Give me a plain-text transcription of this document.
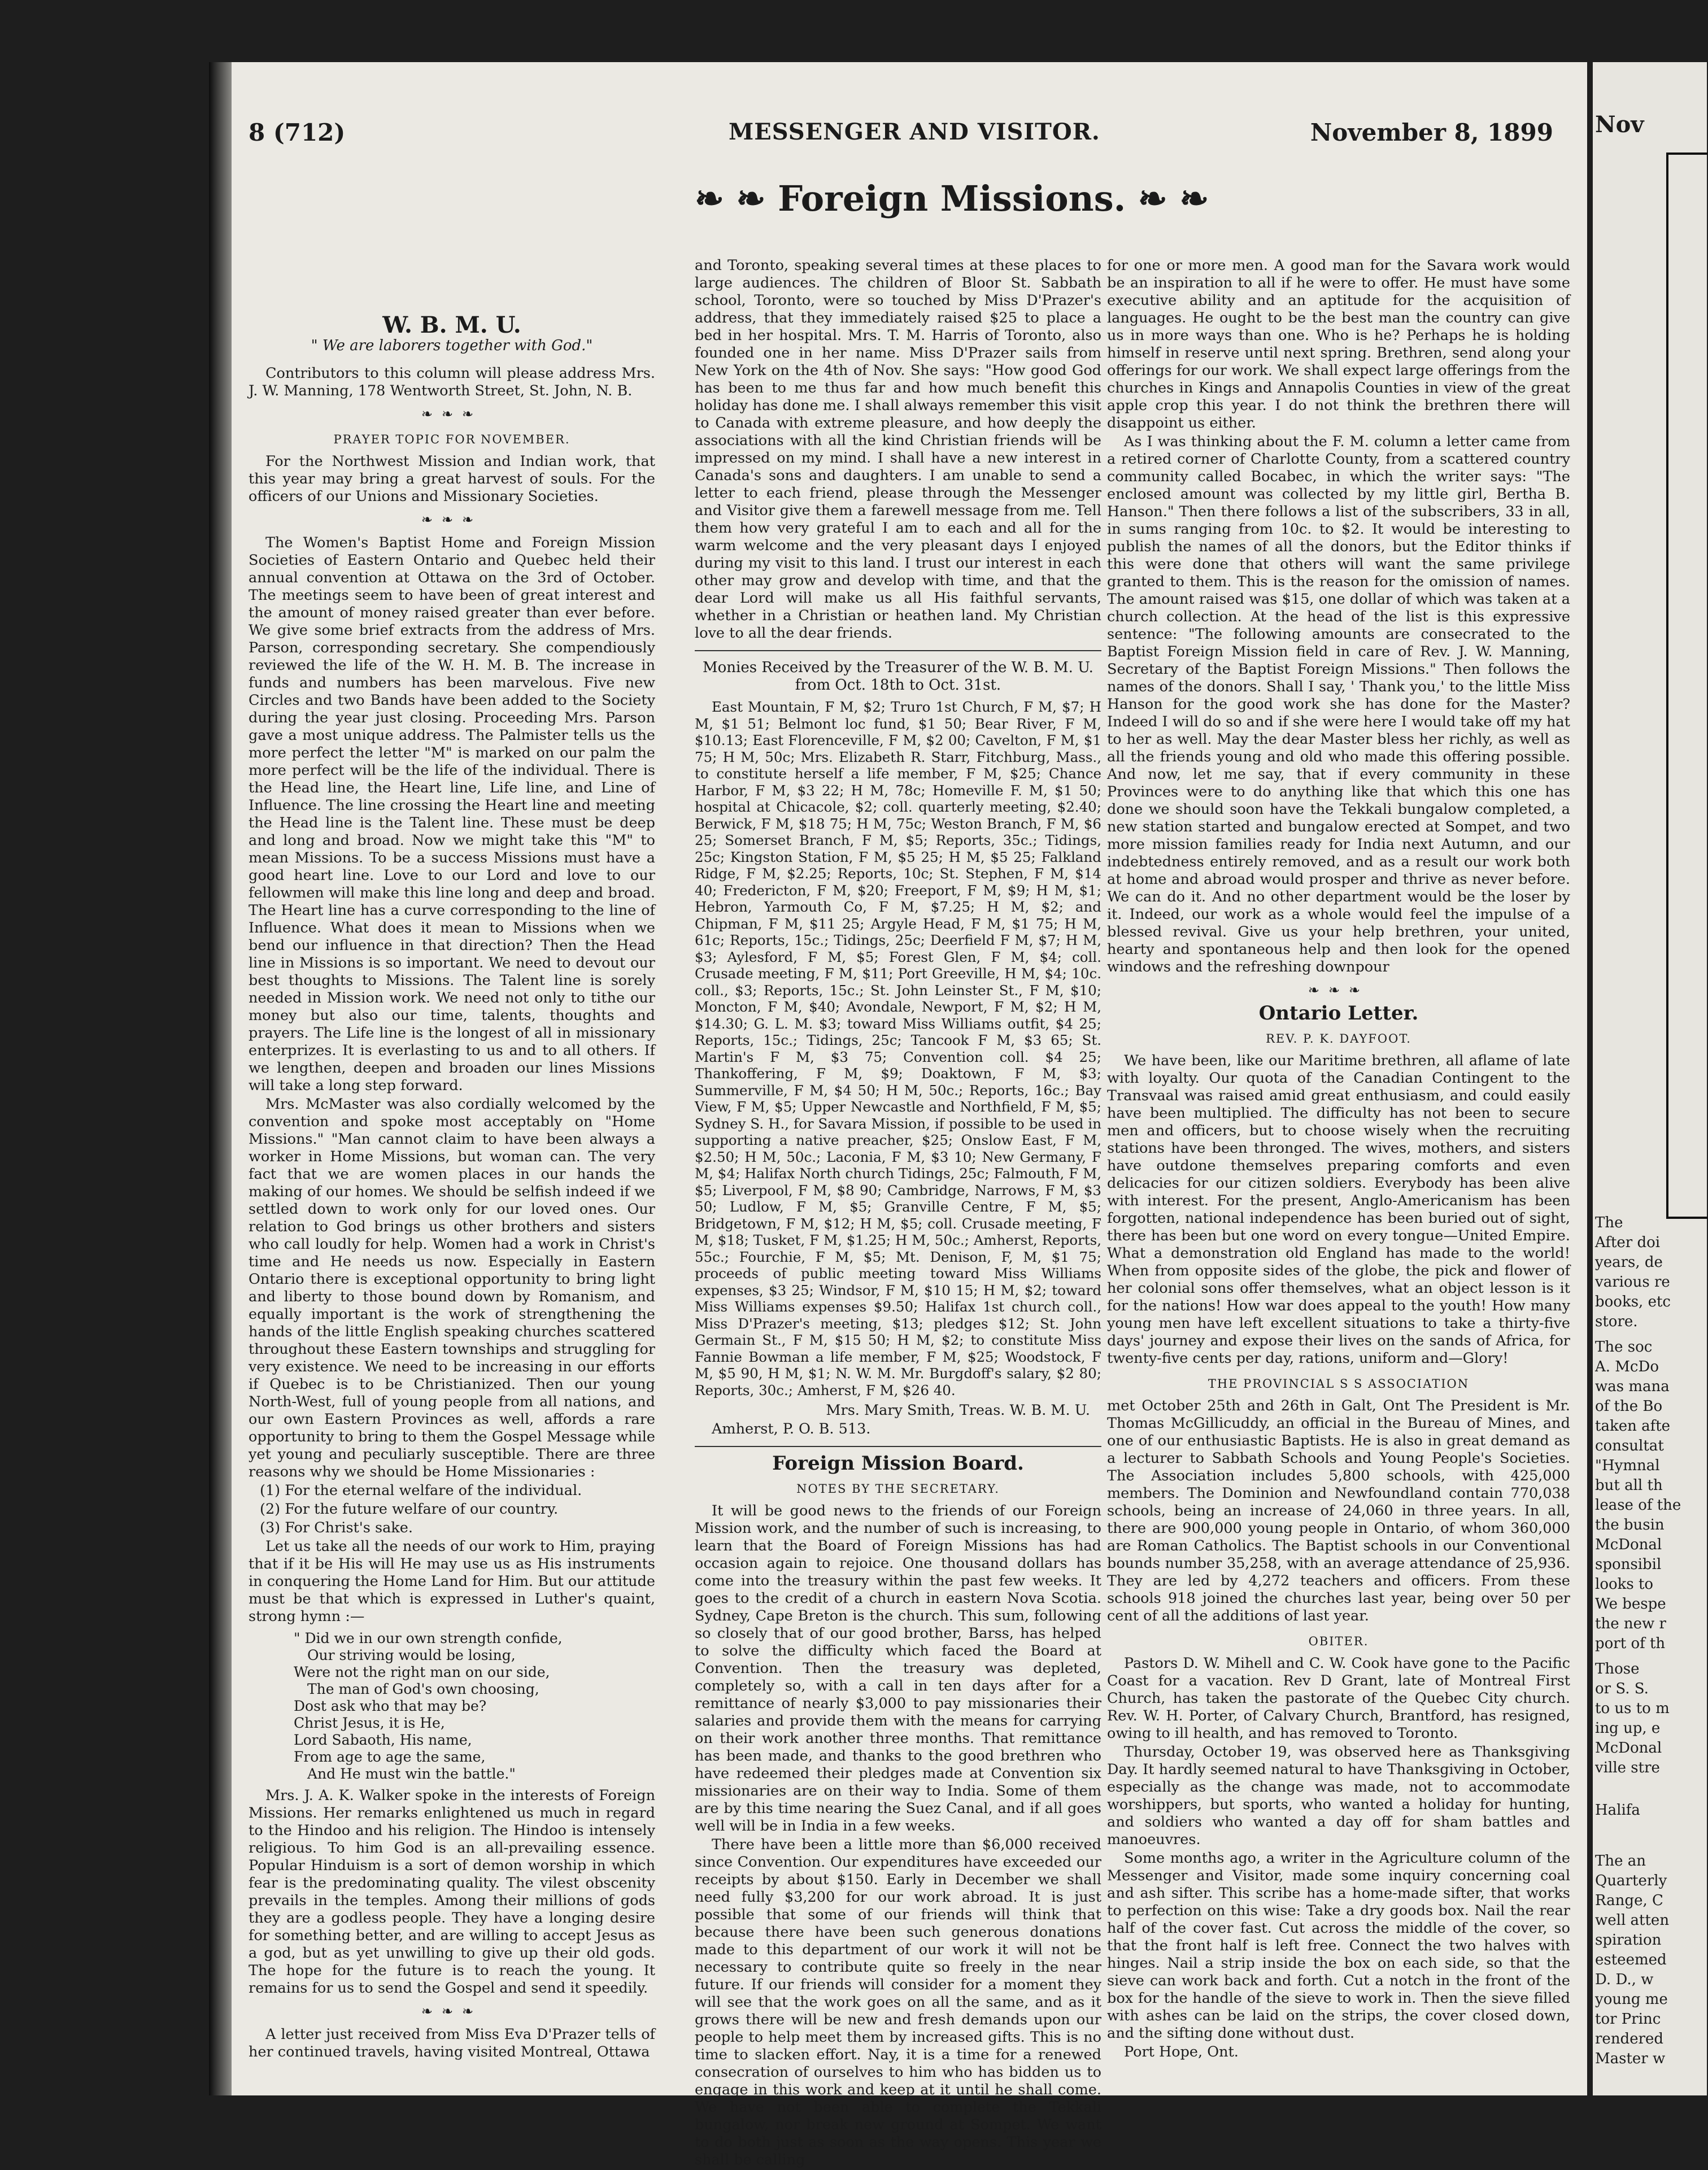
8 (712)	MESSENGER AND VISITOR.	November 8, 1899
❧ ❧ Foreign Missions. ❧ ❧
W. B. M. U.
" We are laborers together with God."

Contributors to this column will please address Mrs. J. W. Manning, 178 Wentworth Street, St. John, N. B.

❧❧❧
PRAYER TOPIC FOR NOVEMBER.

For the Northwest Mission and Indian work, that this year may bring a great harvest of souls. For the officers of our Unions and Missionary Societies.

❧❧❧

The Women's Baptist Home and Foreign Mission Societies of Eastern Ontario and Quebec held their annual convention at Ottawa on the 3rd of October. The meetings seem to have been of great interest and the amount of money raised greater than ever before. We give some brief extracts from the address of Mrs. Parson, corresponding secretary. She compendiously reviewed the life of the W. H. M. B. The increase in funds and numbers has been marvelous. Five new Circles and two Bands have been added to the Society during the year just closing. Proceeding Mrs. Parson gave a most unique address. The Palmister tells us the more perfect the letter "M" is marked on our palm the more perfect will be the life of the individual. There is the Head line, the Heart line, Life line, and Line of Influence. The line crossing the Heart line and meeting the Head line is the Talent line. These must be deep and long and broad. Now we might take this "M" to mean Missions. To be a success Missions must have a good heart line. Love to our Lord and love to our fellowmen will make this line long and deep and broad. The Heart line has a curve corresponding to the line of Influence. What does it mean to Missions when we bend our influence in that direction? Then the Head line in Missions is so important. We need to devout our best thoughts to Missions. The Talent line is sorely needed in Mission work. We need not only to tithe our money but also our time, talents, thoughts and prayers. The Life line is the longest of all in missionary enterprizes. It is everlasting to us and to all others. If we lengthen, deepen and broaden our lines Missions will take a long step forward.

Mrs. McMaster was also cordially welcomed by the convention and spoke most acceptably on "Home Missions." "Man cannot claim to have been always a worker in Home Missions, but woman can. The very fact that we are women places in our hands the making of our homes. We should be selfish indeed if we settled down to work only for our loved ones. Our relation to God brings us other brothers and sisters who call loudly for help. Women had a work in Christ's time and He needs us now. Especially in Eastern Ontario there is exceptional opportunity to bring light and liberty to those bound down by Romanism, and equally important is the work of strengthening the hands of the little English speaking churches scattered throughout these Eastern townships and struggling for very existence. We need to be increasing in our efforts if Quebec is to be Christianized. Then our young North-West, full of young people from all nations, and our own Eastern Provinces as well, affords a rare opportunity to bring to them the Gospel Message while yet young and peculiarly susceptible. There are three reasons why we should be Home Missionaries :

(1) For the eternal welfare of the individual.

(2) For the future welfare of our country.

(3) For Christ's sake.

Let us take all the needs of our work to Him, praying that if it be His will He may use us as His instruments in conquering the Home Land for Him. But our attitude must be that which is expressed in Luther's quaint, strong hymn :—

" Did we in our own strength confide,
Our striving would be losing,
Were not the right man on our side,
The man of God's own choosing,
Dost ask who that may be?
Christ Jesus, it is He,
Lord Sabaoth, His name,
From age to age the same,
And He must win the battle."

Mrs. J. A. K. Walker spoke in the interests of Foreign Missions. Her remarks enlightened us much in regard to the Hindoo and his religion. The Hindoo is intensely religious. To him God is an all-prevailing essence. Popular Hinduism is a sort of demon worship in which fear is the predominating quality. The vilest obscenity prevails in the temples. Among their millions of gods they are a godless people. They have a longing desire for something better, and are willing to accept Jesus as a god, but as yet unwilling to give up their old gods. The hope for the future is to reach the young. It remains for us to send the Gospel and send it speedily.

❧❧❧

A letter just received from Miss Eva D'Prazer tells of her continued travels, having visited Montreal, Ottawa

and Toronto, speaking several times at these places to large audiences. The children of Bloor St. Sabbath school, Toronto, were so touched by Miss D'Prazer's address, that they immediately raised $25 to place a bed in her hospital. Mrs. T. M. Harris of Toronto, also founded one in her name. Miss D'Prazer sails from New York on the 4th of Nov. She says: "How good God has been to me thus far and how much benefit this holiday has done me. I shall always remember this visit to Canada with extreme pleasure, and how deeply the associations with all the kind Christian friends will be impressed on my mind. I shall have a new interest in Canada's sons and daughters. I am unable to send a letter to each friend, please through the Messenger and Visitor give them a farewell message from me. Tell them how very grateful I am to each and all for the warm welcome and the very pleasant days I enjoyed during my visit to this land. I trust our interest in each other may grow and develop with time, and that the dear Lord will make us all His faithful servants, whether in a Christian or heathen land. My Christian love to all the dear friends.

Monies Received by the Treasurer of the W. B. M. U. from Oct. 18th to Oct. 31st.

East Mountain, F M, $2; Truro 1st Church, F M, $7; H M, $1 51; Belmont loc fund, $1 50; Bear River, F M, $10.13; East Florenceville, F M, $2 00; Cavelton, F M, $1 75; H M, 50c; Mrs. Elizabeth R. Starr, Fitchburg, Mass., to constitute herself a life member, F M, $25; Chance Harbor, F M, $3 22; H M, 78c; Homeville F. M, $1 50; hospital at Chicacole, $2; coll. quarterly meeting, $2.40; Berwick, F M, $18 75; H M, 75c; Weston Branch, F M, $6 25; Somerset Branch, F M, $5; Reports, 35c.; Tidings, 25c; Kingston Station, F M, $5 25; H M, $5 25; Falkland Ridge, F M, $2.25; Reports, 10c; St. Stephen, F M, $14 40; Fredericton, F M, $20; Freeport, F M, $9; H M, $1; Hebron, Yarmouth Co, F M, $7.25; H M, $2; and Chipman, F M, $11 25; Argyle Head, F M, $1 75; H M, 61c; Reports, 15c.; Tidings, 25c; Deerfield F M, $7; H M, $3; Aylesford, F M, $5; Forest Glen, F M, $4; coll. Crusade meeting, F M, $11; Port Greeville, H M, $4; 10c. coll., $3; Reports, 15c.; St. John Leinster St., F M, $10; Moncton, F M, $40; Avondale, Newport, F M, $2; H M, $14.30; G. L. M. $3; toward Miss Williams outfit, $4 25; Reports, 15c.; Tidings, 25c; Tancook F M, $3 65; St. Martin's F M, $3 75; Convention coll. $4 25; Thankoffering, F M, $9; Doaktown, F M, $3; Summerville, F M, $4 50; H M, 50c.; Reports, 16c.; Bay View, F M, $5; Upper Newcastle and Northfield, F M, $5; Sydney S. H., for Savara Mission, if possible to be used in supporting a native preacher, $25; Onslow East, F M, $2.50; H M, 50c.; Laconia, F M, $3 10; New Germany, F M, $4; Halifax North church Tidings, 25c; Falmouth, F M, $5; Liverpool, F M, $8 90; Cambridge, Narrows, F M, $3 50; Ludlow, F M, $5; Granville Centre, F M, $5; Bridgetown, F M, $12; H M, $5; coll. Crusade meeting, F M, $18; Tusket, F M, $1.25; H M, 50c.; Amherst, Reports, 55c.; Fourchie, F M, $5; Mt. Denison, F, M, $1 75; proceeds of public meeting toward Miss Williams expenses, $3 25; Windsor, F M, $10 15; H M, $2; toward Miss Williams expenses $9.50; Halifax 1st church coll., Miss D'Prazer's meeting, $13; pledges $12; St. John Germain St., F M, $15 50; H M, $2; to constitute Miss Fannie Bowman a life member, F M, $25; Woodstock, F M, $5 90, H M, $1; N. W. M. Mr. Burgdoff's salary, $2 80; Reports, 30c.; Amherst, F M, $26 40.

Mrs. Mary Smith, Treas. W. B. M. U.

Amherst, P. O. B. 513.

Foreign Mission Board.
NOTES BY THE SECRETARY.

It will be good news to the friends of our Foreign Mission work, and the number of such is increasing, to learn that the Board of Foreign Missions has had occasion again to rejoice. One thousand dollars has come into the treasury within the past few weeks. It goes to the credit of a church in eastern Nova Scotia. Sydney, Cape Breton is the church. This sum, following so closely that of our good brother, Barss, has helped to solve the difficulty which faced the Board at Convention. Then the treasury was depleted, completely so, with a call in ten days after for a remittance of nearly $3,000 to pay missionaries their salaries and provide them with the means for carrying on their work another three months. That remittance has been made, and thanks to the good brethren who have redeemed their pledges made at Convention six missionaries are on their way to India. Some of them are by this time nearing the Suez Canal, and if all goes well will be in India in a few weeks.

There have been a little more than $6,000 received since Convention. Our expenditures have exceeded our receipts by about $150. Early in December we shall need fully $3,200 for our work abroad. It is just possible that some of our friends will think that because there have been such generous donations made to this department of our work it will not be necessary to contribute quite so freely in the near future. If our friends will consider for a moment they will see that the work goes on all the same, and as it grows there will be new and fresh demands upon our people to help meet them by increased gifts. This is no time to slacken effort. Nay, it is a time for a renewed consecration of ourselves to him who has bidden us to engage in this work and keep at it until he shall come. We have not been able to complete the Tekkali bungalow, nor break new ground at Sompet. We want to do both just as soon as the way opens. This year we shall be calling

for one or more men. A good man for the Savara work would be an inspiration to all if he were to offer. He must have some executive ability and an aptitude for the acquisition of languages. He ought to be the best man the country can give us in more ways than one. Who is he? Perhaps he is holding himself in reserve until next spring. Brethren, send along your offerings for our work. We shall expect large offerings from the churches in Kings and Annapolis Counties in view of the great apple crop this year. I do not think the brethren there will disappoint us either.

As I was thinking about the F. M. column a letter came from a retired corner of Charlotte County, from a scattered country community called Bocabec, in which the writer says: "The enclosed amount was collected by my little girl, Bertha B. Hanson." Then there follows a list of the subscribers, 33 in all, in sums ranging from 10c. to $2. It would be interesting to publish the names of all the donors, but the Editor thinks if this were done that others will want the same privilege granted to them. This is the reason for the omission of names. The amount raised was $15, one dollar of which was taken at a church collection. At the head of the list is this expressive sentence: "The following amounts are consecrated to the Baptist Foreign Mission field in care of Rev. J. W. Manning, Secretary of the Baptist Foreign Missions." Then follows the names of the donors. Shall I say, ' Thank you,' to the little Miss Hanson for the good work she has done for the Master? Indeed I will do so and if she were here I would take off my hat to her as well. May the dear Master bless her richly, as well as all the friends young and old who made this offering possible. And now, let me say, that if every community in these Provinces were to do anything like that which this one has done we should soon have the Tekkali bungalow completed, a new station started and bungalow erected at Sompet, and two more mission families ready for India next Autumn, and our indebtedness entirely removed, and as a result our work both at home and abroad would prosper and thrive as never before. We can do it. And no other department would be the loser by it. Indeed, our work as a whole would feel the impulse of a blessed revival. Give us your help brethren, your united, hearty and spontaneous help and then look for the opened windows and the refreshing downpour

❧❧❧
Ontario Letter.
REV. P. K. DAYFOOT.

We have been, like our Maritime brethren, all aflame of late with loyalty. Our quota of the Canadian Contingent to the Transvaal was raised amid great enthusiasm, and could easily have been multiplied. The difficulty has not been to secure men and officers, but to choose wisely when the recruiting stations have been thronged. The wives, mothers, and sisters have outdone themselves preparing comforts and even delicacies for our citizen soldiers. Everybody has been alive with interest. For the present, Anglo-Americanism has been forgotten, national independence has been buried out of sight, there has been but one word on every tongue—United Empire. What a demonstration old England has made to the world! When from opposite sides of the globe, the pick and flower of her colonial sons offer themselves, what an object lesson is it for the nations! How war does appeal to the youth! How many young men have left excellent situations to take a thirty-five days' journey and expose their lives on the sands of Africa, for twenty-five cents per day, rations, uniform and—Glory!

THE PROVINCIAL S S ASSOCIATION

met October 25th and 26th in Galt, Ont The President is Mr. Thomas McGillicuddy, an official in the Bureau of Mines, and one of our enthusiastic Baptists. He is also in great demand as a lecturer to Sabbath Schools and Young People's Societies. The Association includes 5,800 schools, with 425,000 members. The Dominion and Newfoundland contain 770,038 schools, being an increase of 24,060 in three years. In all, there are 900,000 young people in Ontario, of whom 360,000 are Roman Catholics. The Baptist schools in our Conventional bounds number 35,258, with an average attendance of 25,936. They are led by 4,272 teachers and officers. From these schools 918 joined the churches last year, being over 50 per cent of all the additions of last year.

OBITER.

Pastors D. W. Mihell and C. W. Cook have gone to the Pacific Coast for a vacation. Rev D Grant, late of Montreal First Church, has taken the pastorate of the Quebec City church. Rev. W. H. Porter, of Calvary Church, Brantford, has resigned, owing to ill health, and has removed to Toronto.

Thursday, October 19, was observed here as Thanksgiving Day. It hardly seemed natural to have Thanksgiving in October, especially as the change was made, not to accommodate worshippers, but sports, who wanted a holiday for hunting, and soldiers who wanted a day off for sham battles and manoeuvres.

Some months ago, a writer in the Agriculture column of the Messenger and Visitor, made some inquiry concerning coal and ash sifter. This scribe has a home-made sifter, that works to perfection on this wise: Take a dry goods box. Nail the rear half of the cover fast. Cut across the middle of the cover, so that the front half is left free. Connect the two halves with hinges. Nail a strip inside the box on each side, so that the sieve can work back and forth. Cut a notch in the front of the box for the handle of the sieve to work in. Then the sieve filled with ashes can be laid on the strips, the cover closed down, and the sifting done without dust.

Port Hope, Ont.

Nov
The
After doi
years, de
various re
books, etc
store.
The soc
A. McDo
was mana
of the Bo
taken afte
consultat
"Hymnal
but all th
lease of the
the busin
McDonal
sponsibil
looks to
We bespe
the new r
port of th
Those
or S. S.
to us to m
ing up, e
McDonal
ville stre
Halifa
The an
Quarterly
Range, C
well atten
spiration
esteemed
D. D., w
young me
tor Princ
rendered
Master w
